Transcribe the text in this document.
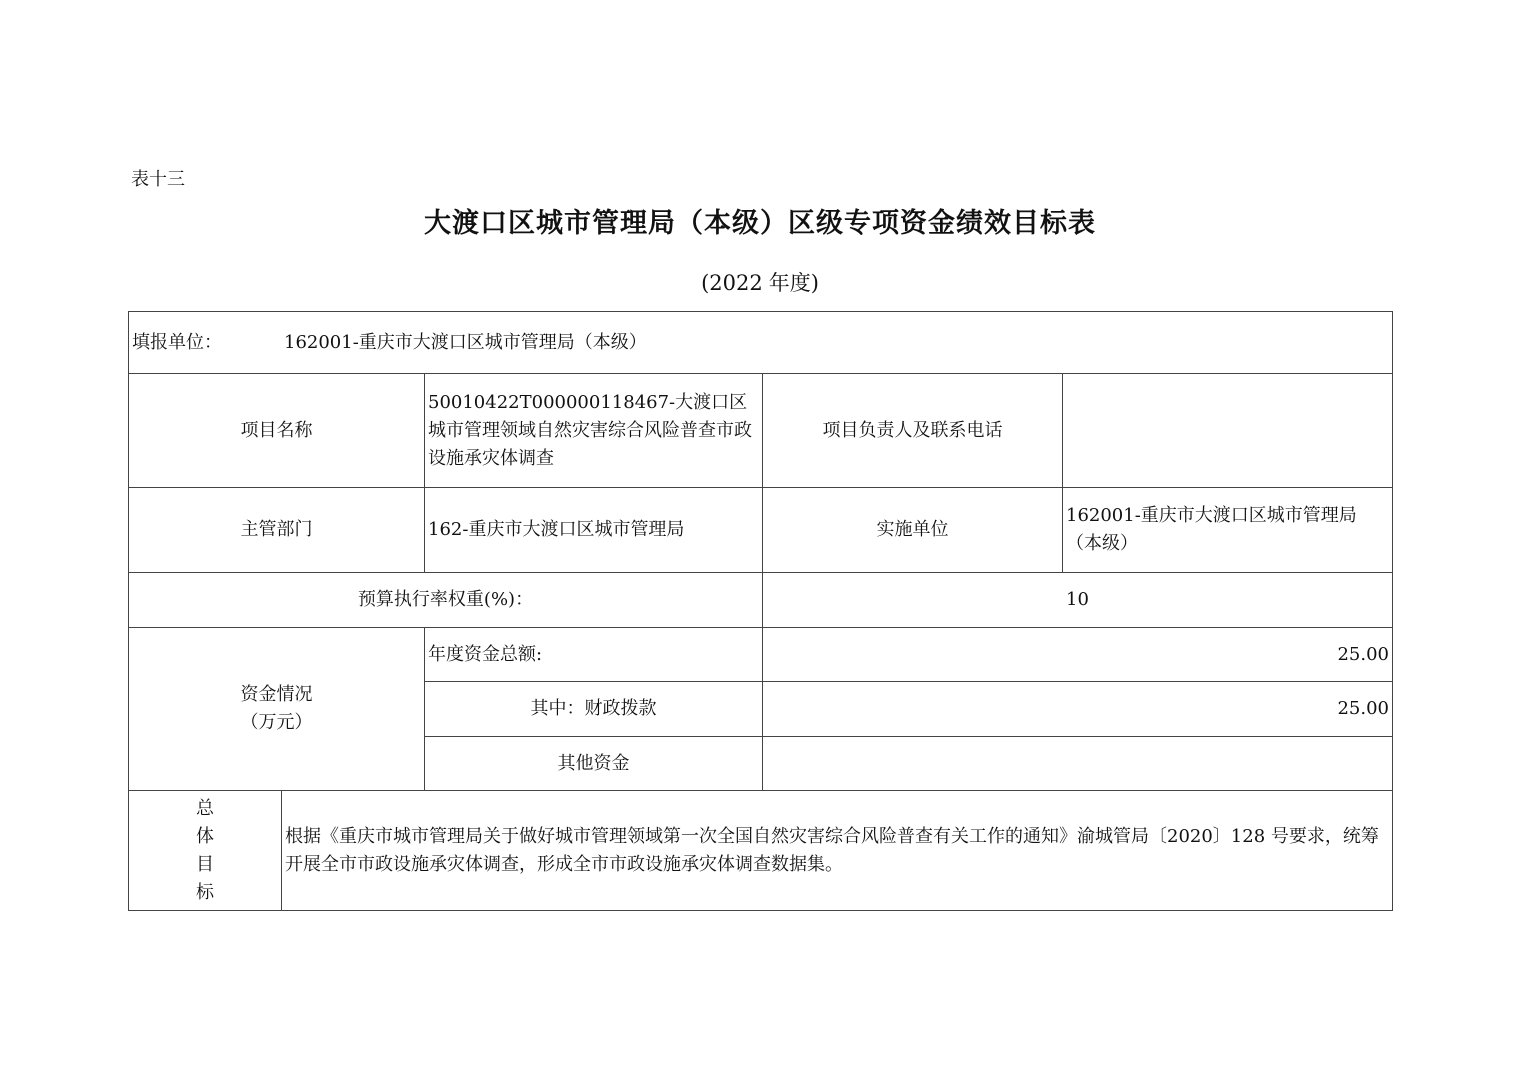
表十三
大渡口区城市管理局（本级）区级专项资金绩效目标表
(2022 年度)
填报单位： 162001-重庆市大渡口区城市管理局（本级）				
项目名称		50010422T000000118467-大渡口区城市管理领域自然灾害综合风险普查市政设施承灾体调查	项目负责人及联系电话	
主管部门		162-重庆市大渡口区城市管理局	实施单位	162001-重庆市大渡口区城市管理局（本级）
预算执行率权重(%)：			10	

资金情况
（万元）		年度资金总额:	25.00	
		其中：财政拨款	25.00	
		其他资金		

总
体
目
标	根据《重庆市城市管理局关于做好城市管理领域第一次全国自然灾害综合风险普查有关工作的通知》渝城管局〔2020〕128 号要求，统筹开展全市市政设施承灾体调查，形成全市市政设施承灾体调查数据集。			
